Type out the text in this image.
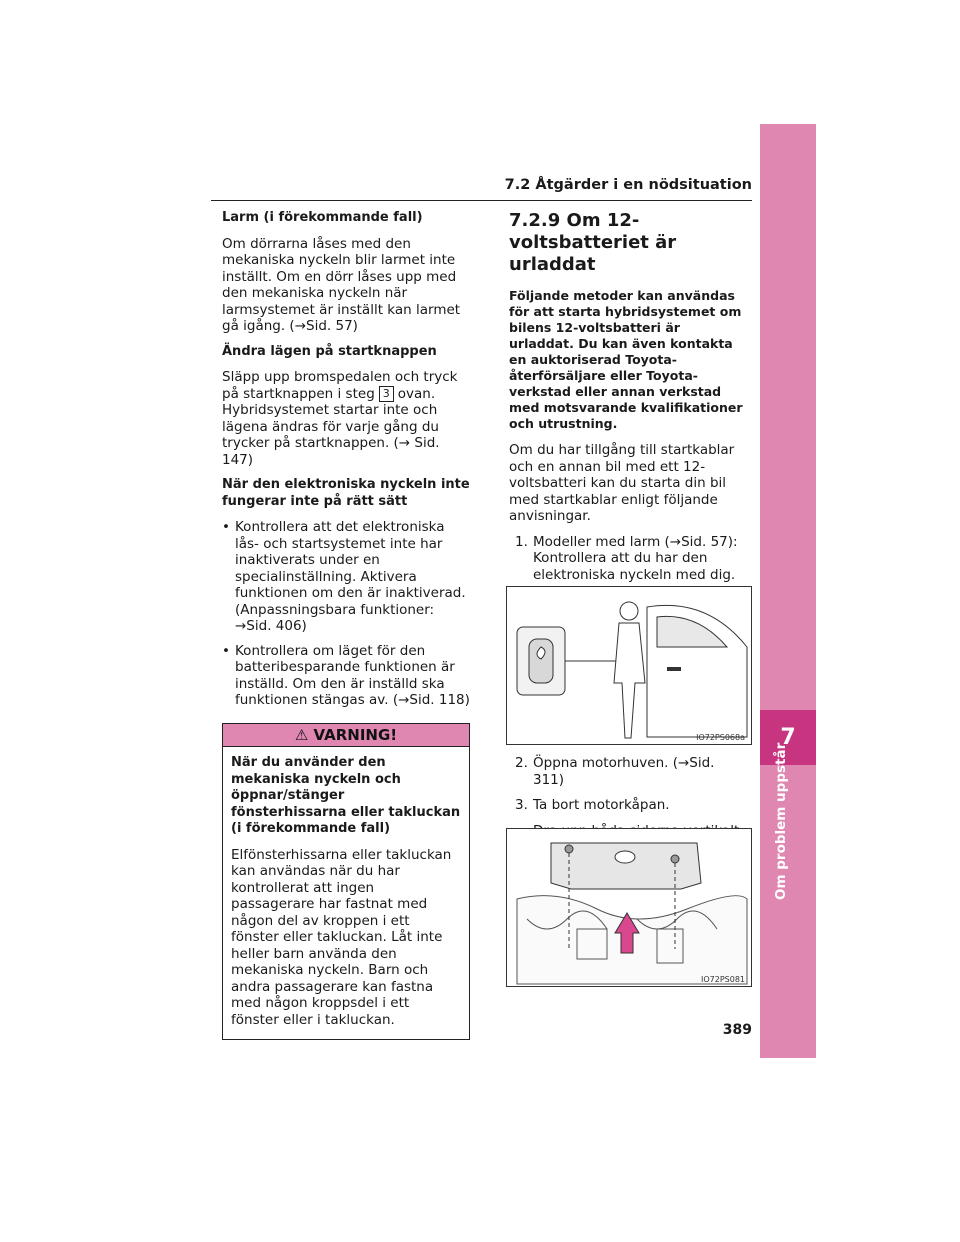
7.2 Åtgärder i en nödsituation
7
Om problem uppstår
Larm (i förekommande fall)

Om dörrarna låses med den mekaniska nyckeln blir larmet inte inställt. Om en dörr låses upp med den mekaniska nyckeln när larmsystemet är inställt kan larmet gå igång. (→Sid. 57)

Ändra lägen på startknappen

Släpp upp bromspedalen och tryck på startknappen i steg 3 ovan. Hybridsystemet startar inte och lägena ändras för varje gång du trycker på startknappen. (→ Sid. 147)

När den elektroniska nyckeln inte fungerar inte på rätt sätt
• Kontrollera att det elektroniska lås- och startsystemet inte har inaktiverats under en specialinställning. Aktivera funktionen om den är inaktiverad. (Anpassningsbara funktioner: →Sid. 406)
• Kontrollera om läget för den batteribesparande funktionen är inställd. Om den är inställd ska funktionen stängas av. (→Sid. 118)
⚠ VARNING!
När du använder den mekaniska nyckeln och öppnar/stänger fönsterhissarna eller takluckan (i förekommande fall)

Elfönsterhissarna eller takluckan kan användas när du har kontrollerat att ingen passagerare har fastnat med någon del av kroppen i ett fönster eller takluckan. Låt inte heller barn använda den mekaniska nyckeln. Barn och andra passagerare kan fastna med någon kroppsdel i ett fönster eller i takluckan.

7.2.9 Om 12-voltsbatteriet är urladdat
Följande metoder kan användas för att starta hybridsystemet om bilens 12-voltsbatteri är urladdat. Du kan även kontakta en auktoriserad Toyota-återförsäljare eller Toyota-verkstad eller annan verkstad med motsvarande kvalifikationer och utrustning.

Om du har tillgång till startkablar och en annan bil med ett 12-voltsbatteri kan du starta din bil med startkablar enligt följande anvisningar.

1. Modeller med larm (→Sid. 57): Kontrollera att du har den elektroniska nyckeln med dig.
IO72PS068a
2. Öppna motorhuven. (→Sid. 311)
3. Ta bort motorkåpan.
IO72PS081
389
